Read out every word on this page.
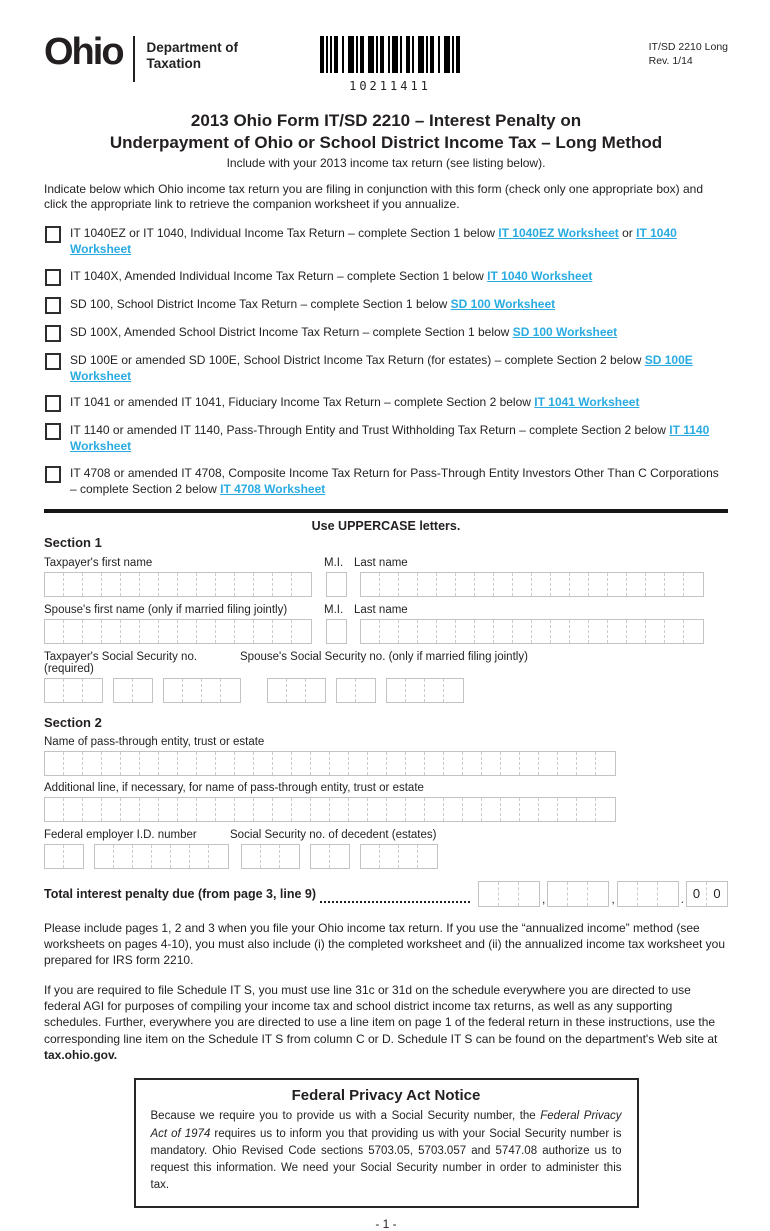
Ohio Department of
Taxation
10211411
IT/SD 2210 Long
Rev. 1/14
2013 Ohio Form IT/SD 2210 – Interest Penalty on
Underpayment of Ohio or School District Income Tax – Long Method
Include with your 2013 income tax return (see listing below).
Indicate below which Ohio income tax return you are filing in conjunction with this form (check only one appropriate box) and click the appropriate link to retrieve the companion worksheet if you annualize.
IT 1040EZ or IT 1040, Individual Income Tax Return – complete Section 1 below IT 1040EZ Worksheet or IT 1040 Worksheet
IT 1040X, Amended Individual Income Tax Return – complete Section 1 below IT 1040 Worksheet
SD 100, School District Income Tax Return – complete Section 1 below SD 100 Worksheet
SD 100X, Amended School District Income Tax Return – complete Section 1 below SD 100 Worksheet
SD 100E or amended SD 100E, School District Income Tax Return (for estates) – complete Section 2 below SD 100E Worksheet
IT 1041 or amended IT 1041, Fiduciary Income Tax Return – complete Section 2 below IT 1041 Worksheet
IT 1140 or amended IT 1140, Pass-Through Entity and Trust Withholding Tax Return – complete Section 2 below IT 1140 Worksheet
IT 4708 or amended IT 4708, Composite Income Tax Return for Pass-Through Entity Investors Other Than C Corporations – complete Section 2 below IT 4708 Worksheet
Use UPPERCASE letters.
Section 1
Taxpayer's first name	M.I. Last name
Spouse's first name (only if married filing jointly)	M.I. Last name
Taxpayer's Social Security no. (required)
Spouse's Social Security no. (only if married filing jointly)
Section 2
Name of pass-through entity, trust or estate
Additional line, if necessary, for name of pass-through entity, trust or estate
Federal employer I.D. number	Social Security no. of decedent (estates)
Total interest penalty due (from page 3, line 9)	,	,	. 0	0
Please include pages 1, 2 and 3 when you file your Ohio income tax return. If you use the “annualized income” method (see worksheets on pages 4-10), you must also include (i) the completed worksheet and (ii) the annualized income tax worksheet you prepared for IRS form 2210.
If you are required to file Schedule IT S, you must use line 31c or 31d on the schedule everywhere you are directed to use federal AGI for purposes of compiling your income tax and school district income tax returns, as well as any supporting schedules. Further, everywhere you are directed to use a line item on page 1 of the federal return in these instructions, use the corresponding line item on the Schedule IT S from column C or D. Schedule IT S can be found on the department's Web site at tax.ohio.gov.
Federal Privacy Act Notice
Because we require you to provide us with a Social Security number, the Federal Privacy Act of 1974 requires us to inform you that providing us with your Social Security number is mandatory. Ohio Revised Code sections 5703.05, 5703.057 and 5747.08 authorize us to request this information. We need your Social Security number in order to administer this tax.
- 1 -
